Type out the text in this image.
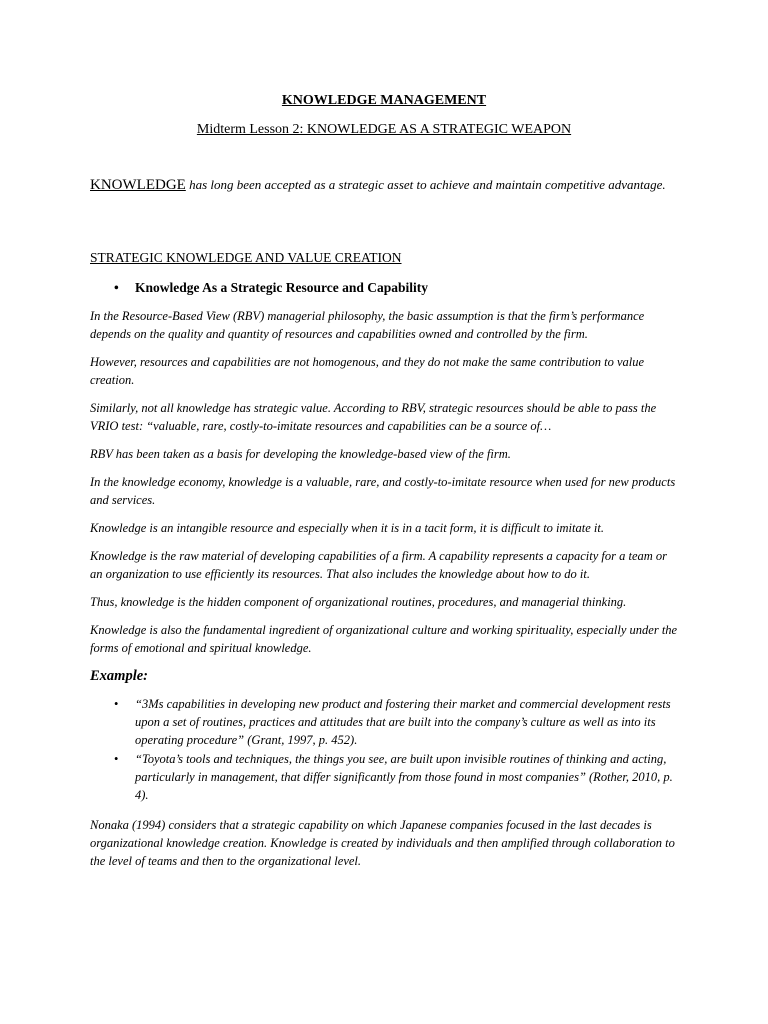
KNOWLEDGE MANAGEMENT
Midterm Lesson 2: KNOWLEDGE AS A STRATEGIC WEAPON
KNOWLEDGE has long been accepted as a strategic asset to achieve and maintain competitive advantage.
STRATEGIC KNOWLEDGE AND VALUE CREATION
•	Knowledge As a Strategic Resource and Capability

In the Resource-Based View (RBV) managerial philosophy, the basic assumption is that the firm’s performance depends on the quality and quantity of resources and capabilities owned and controlled by the firm.

However, resources and capabilities are not homogenous, and they do not make the same contribution to value creation.

Similarly, not all knowledge has strategic value. According to RBV, strategic resources should be able to pass the VRIO test: “valuable, rare, costly-to-imitate resources and capabilities can be a source of…

RBV has been taken as a basis for developing the knowledge-based view of the firm.

In the knowledge economy, knowledge is a valuable, rare, and costly-to-imitate resource when used for new products and services.

Knowledge is an intangible resource and especially when it is in a tacit form, it is difficult to imitate it.

Knowledge is the raw material of developing capabilities of a firm. A capability represents a capacity for a team or an organization to use efficiently its resources. That also includes the knowledge about how to do it.

Thus, knowledge is the hidden component of organizational routines, procedures, and managerial thinking.

Knowledge is also the fundamental ingredient of organizational culture and working spirituality, especially under the forms of emotional and spiritual knowledge.

Example:
•	“3Ms capabilities in developing new product and fostering their market and commercial development rests upon a set of routines, practices and attitudes that are built into the company’s culture as well as into its operating procedure” (Grant, 1997, p. 452).
•	“Toyota’s tools and techniques, the things you see, are built upon invisible routines of thinking and acting, particularly in management, that differ significantly from those found in most companies” (Rother, 2010, p. 4).

Nonaka (1994) considers that a strategic capability on which Japanese companies focused in the last decades is organizational knowledge creation. Knowledge is created by individuals and then amplified through collaboration to the level of teams and then to the organizational level.
